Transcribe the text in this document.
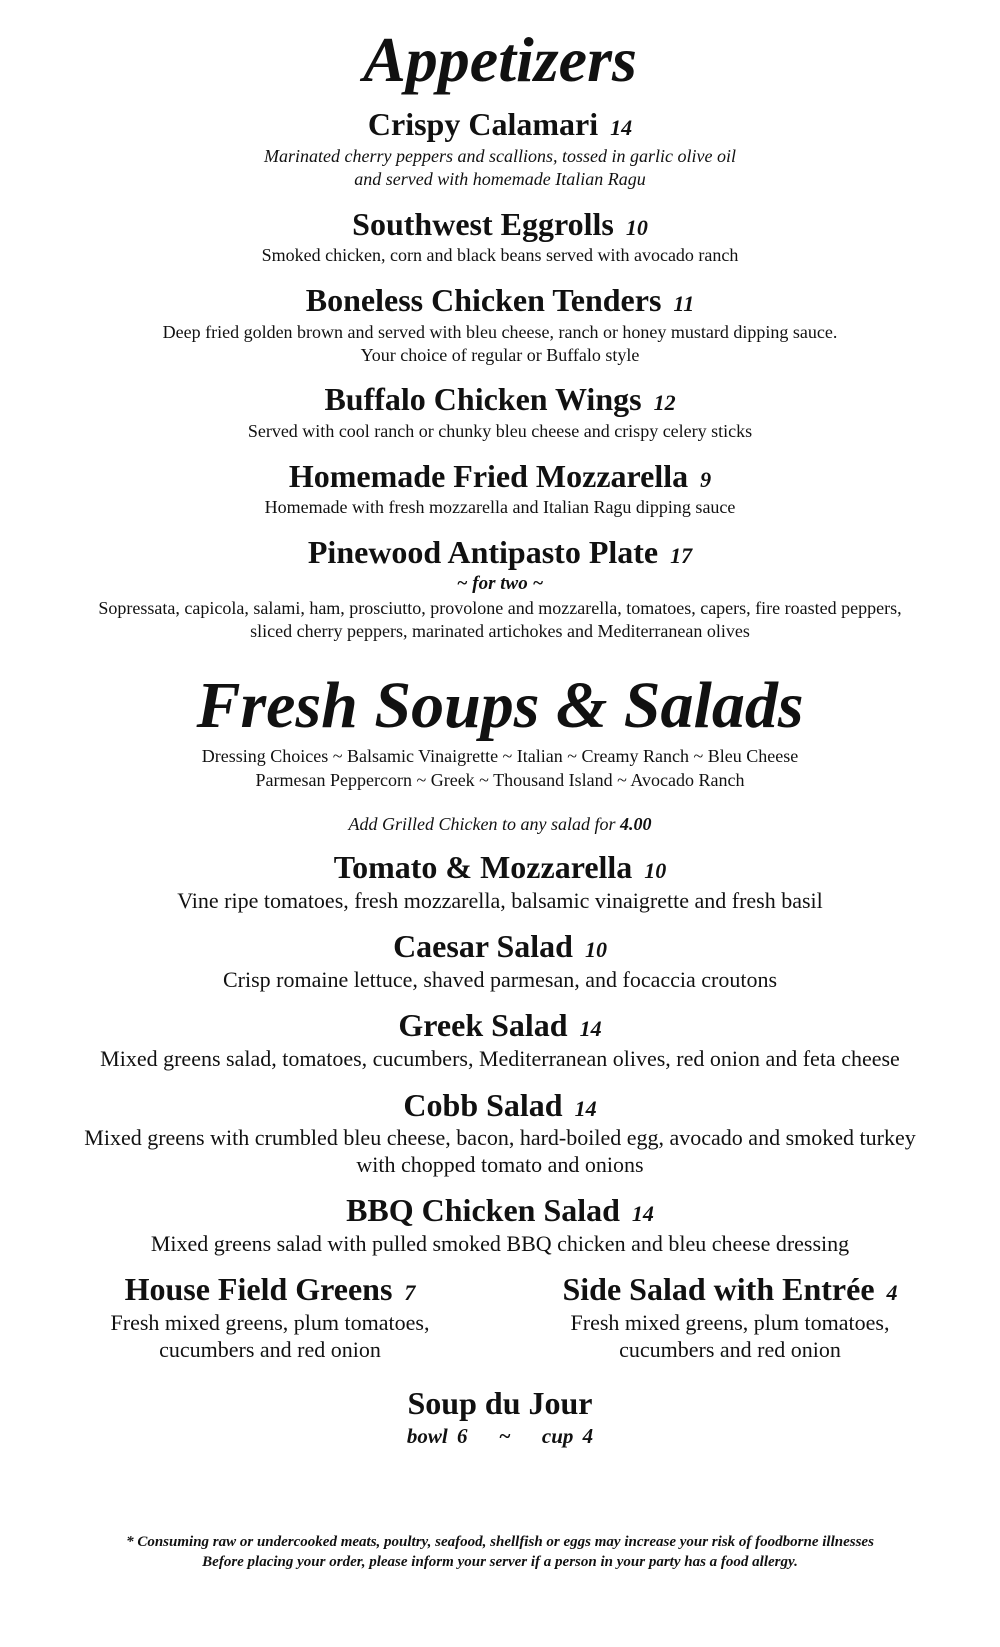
Appetizers

Crispy Calamari 14

Marinated cherry peppers and scallions, tossed in garlic olive oil

and served with homemade Italian Ragu

Southwest Eggrolls 10

Smoked chicken, corn and black beans served with avocado ranch

Boneless Chicken Tenders 11

Deep fried golden brown and served with bleu cheese, ranch or honey mustard dipping sauce.

Your choice of regular or Buffalo style

Buffalo Chicken Wings 12

Served with cool ranch or chunky bleu cheese and crispy celery sticks

Homemade Fried Mozzarella 9

Homemade with fresh mozzarella and Italian Ragu dipping sauce

Pinewood Antipasto Plate 17

~ for two ~

Sopressata, capicola, salami, ham, prosciutto, provolone and mozzarella, tomatoes, capers, fire roasted peppers,

sliced cherry peppers, marinated artichokes and Mediterranean olives

Fresh Soups & Salads

Dressing Choices ~ Balsamic Vinaigrette ~ Italian ~ Creamy Ranch ~ Bleu Cheese

Parmesan Peppercorn ~ Greek ~ Thousand Island ~ Avocado Ranch

Add Grilled Chicken to any salad for 4.00

Tomato & Mozzarella 10

Vine ripe tomatoes, fresh mozzarella, balsamic vinaigrette and fresh basil

Caesar Salad 10

Crisp romaine lettuce, shaved parmesan, and focaccia croutons

Greek Salad 14

Mixed greens salad, tomatoes, cucumbers, Mediterranean olives, red onion and feta cheese

Cobb Salad 14

Mixed greens with crumbled bleu cheese, bacon, hard-boiled egg, avocado and smoked turkey

with chopped tomato and onions

BBQ Chicken Salad 14

Mixed greens salad with pulled smoked BBQ chicken and bleu cheese dressing

House Field Greens 7

Fresh mixed greens, plum tomatoes,

cucumbers and red onion

Side Salad with Entrée 4

Fresh mixed greens, plum tomatoes,

cucumbers and red onion

Soup du Jour

bowl 6 ~ cup 4
* Consuming raw or undercooked meats, poultry, seafood, shellfish or eggs may increase your risk of foodborne illnesses
Before placing your order, please inform your server if a person in your party has a food allergy.
